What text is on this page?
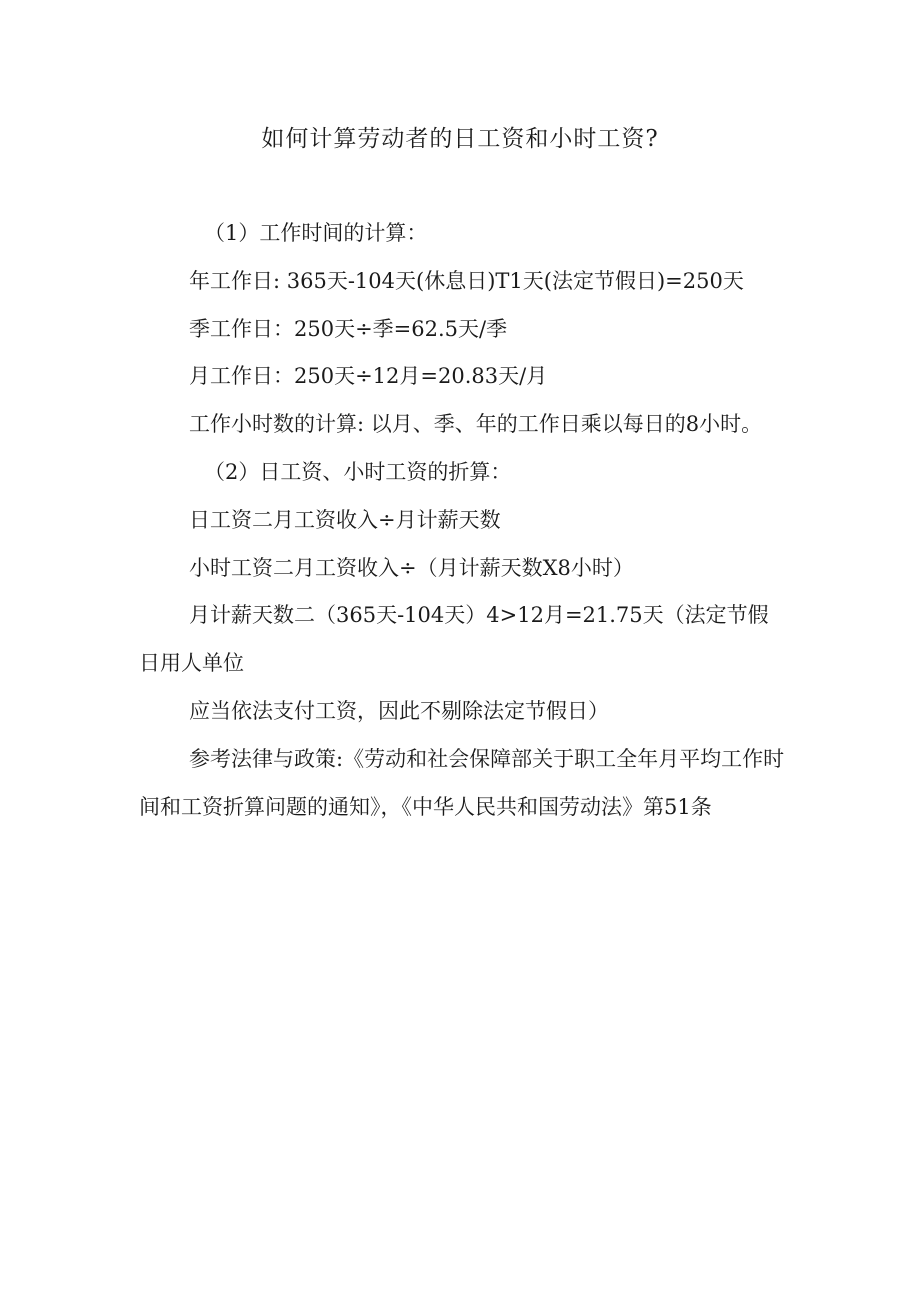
如何计算劳动者的日工资和小时工资?

（1）工作时间的计算：

年工作日: 365天-104天(休息日)T1天(法定节假日)=250天

季工作日：250天÷季=62.5天/季

月工作日：250天÷12月=20.83天/月

工作小时数的计算: 以月、季、年的工作日乘以每日的8小时。

（2）日工资、小时工资的折算：

日工资二月工资收入÷月计薪天数

小时工资二月工资收入÷（月计薪天数X8小时）

月计薪天数二（365天-104天）4>12月=21.75天（法定节假日用人单位

应当依法支付工资，因此不剔除法定节假日）

参考法律与政策:《劳动和社会保障部关于职工全年月平均工作时间和工资折算问题的通知》，《中华人民共和国劳动法》第51条
